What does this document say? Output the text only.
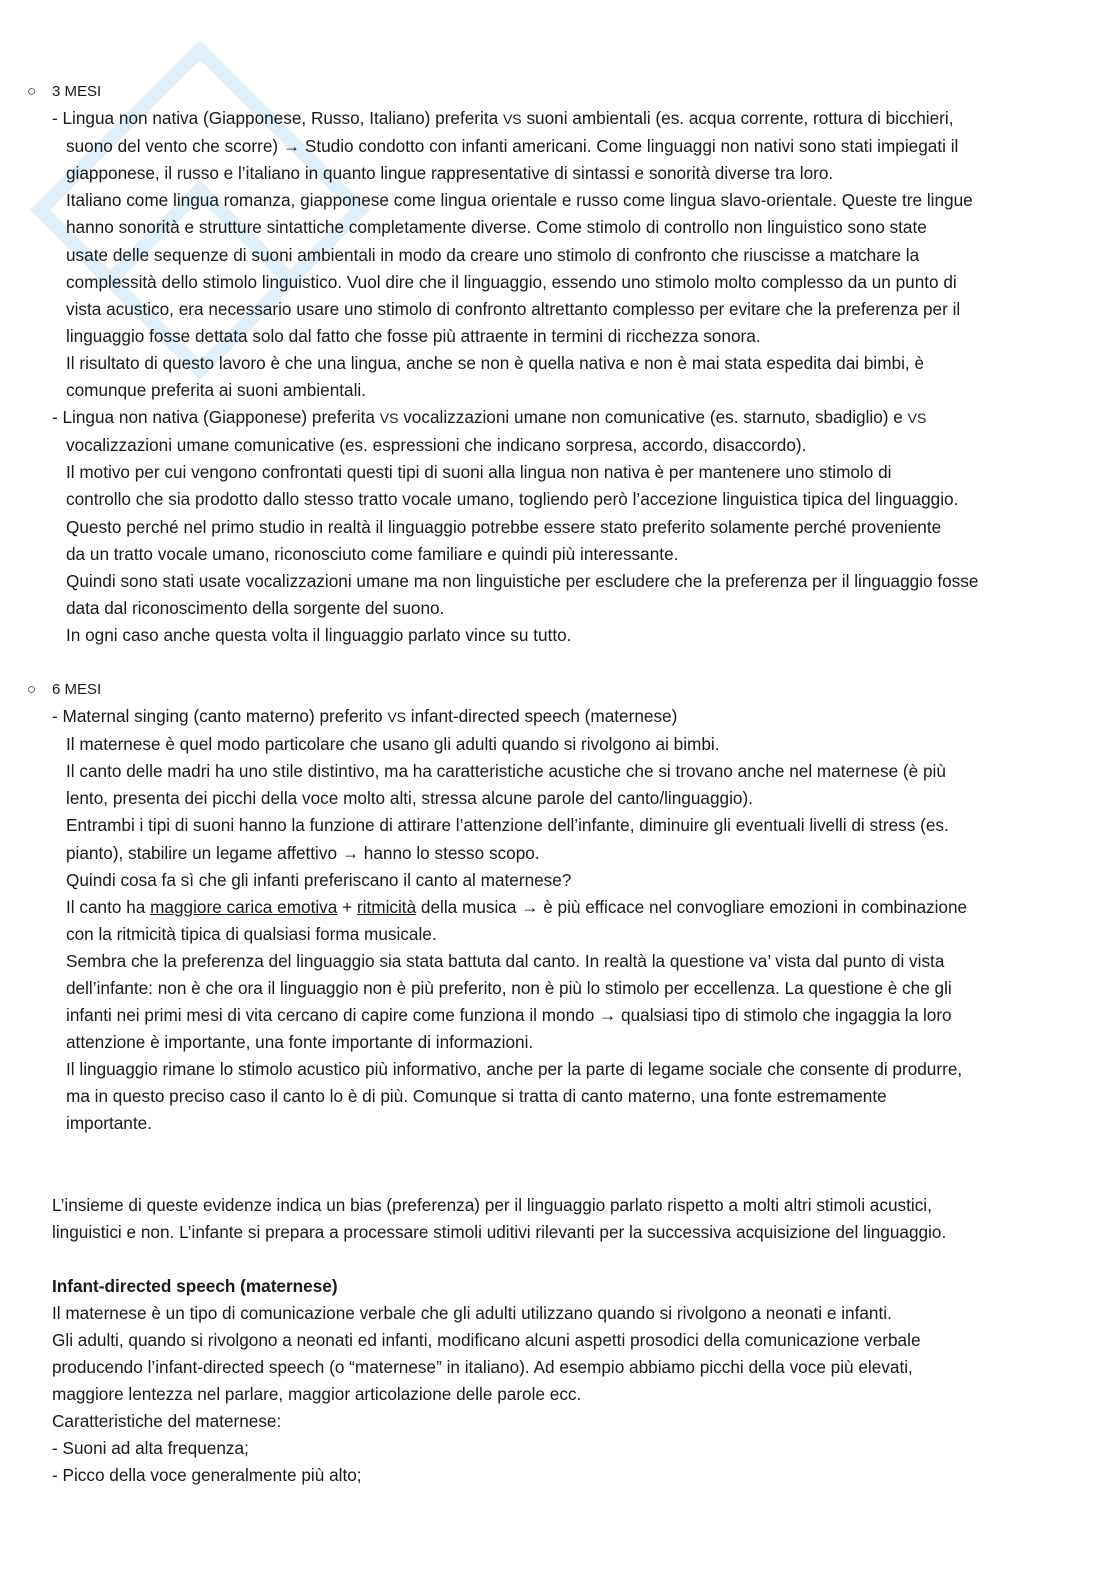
○ 3 MESI
- Lingua non nativa (Giapponese, Russo, Italiano) preferita VS suoni ambientali (es. acqua corrente, rottura di bicchieri,
suono del vento che scorre) → Studio condotto con infanti americani. Come linguaggi non nativi sono stati impiegati il
giapponese, il russo e l’italiano in quanto lingue rappresentative di sintassi e sonorità diverse tra loro.
Italiano come lingua romanza, giapponese come lingua orientale e russo come lingua slavo-orientale. Queste tre lingue
hanno sonorità e strutture sintattiche completamente diverse. Come stimolo di controllo non linguistico sono state
usate delle sequenze di suoni ambientali in modo da creare uno stimolo di confronto che riuscisse a matchare la
complessità dello stimolo linguistico. Vuol dire che il linguaggio, essendo uno stimolo molto complesso da un punto di
vista acustico, era necessario usare uno stimolo di confronto altrettanto complesso per evitare che la preferenza per il
linguaggio fosse dettata solo dal fatto che fosse più attraente in termini di ricchezza sonora.
Il risultato di questo lavoro è che una lingua, anche se non è quella nativa e non è mai stata espedita dai bimbi, è
comunque preferita ai suoni ambientali.
- Lingua non nativa (Giapponese) preferita VS vocalizzazioni umane non comunicative (es. starnuto, sbadiglio) e VS
vocalizzazioni umane comunicative (es. espressioni che indicano sorpresa, accordo, disaccordo).
Il motivo per cui vengono confrontati questi tipi di suoni alla lingua non nativa è per mantenere uno stimolo di
controllo che sia prodotto dallo stesso tratto vocale umano, togliendo però l’accezione linguistica tipica del linguaggio.
Questo perché nel primo studio in realtà il linguaggio potrebbe essere stato preferito solamente perché proveniente
da un tratto vocale umano, riconosciuto come familiare e quindi più interessante.
Quindi sono stati usate vocalizzazioni umane ma non linguistiche per escludere che la preferenza per il linguaggio fosse
data dal riconoscimento della sorgente del suono.
In ogni caso anche questa volta il linguaggio parlato vince su tutto.
○ 6 MESI
- Maternal singing (canto materno) preferito VS infant-directed speech (maternese)
Il maternese è quel modo particolare che usano gli adulti quando si rivolgono ai bimbi.
Il canto delle madri ha uno stile distintivo, ma ha caratteristiche acustiche che si trovano anche nel maternese (è più
lento, presenta dei picchi della voce molto alti, stressa alcune parole del canto/linguaggio).
Entrambi i tipi di suoni hanno la funzione di attirare l’attenzione dell’infante, diminuire gli eventuali livelli di stress (es.
pianto), stabilire un legame affettivo → hanno lo stesso scopo.
Quindi cosa fa sì che gli infanti preferiscano il canto al maternese?
Il canto ha maggiore carica emotiva + ritmicità della musica → è più efficace nel convogliare emozioni in combinazione
con la ritmicità tipica di qualsiasi forma musicale.
Sembra che la preferenza del linguaggio sia stata battuta dal canto. In realtà la questione va’ vista dal punto di vista
dell’infante: non è che ora il linguaggio non è più preferito, non è più lo stimolo per eccellenza. La questione è che gli
infanti nei primi mesi di vita cercano di capire come funziona il mondo → qualsiasi tipo di stimolo che ingaggia la loro
attenzione è importante, una fonte importante di informazioni.
Il linguaggio rimane lo stimolo acustico più informativo, anche per la parte di legame sociale che consente di produrre,
ma in questo preciso caso il canto lo è di più. Comunque si tratta di canto materno, una fonte estremamente
importante.
L’insieme di queste evidenze indica un bias (preferenza) per il linguaggio parlato rispetto a molti altri stimoli acustici,
linguistici e non. L’infante si prepara a processare stimoli uditivi rilevanti per la successiva acquisizione del linguaggio.
Infant-directed speech (maternese)
Il maternese è un tipo di comunicazione verbale che gli adulti utilizzano quando si rivolgono a neonati e infanti.
Gli adulti, quando si rivolgono a neonati ed infanti, modificano alcuni aspetti prosodici della comunicazione verbale
producendo l’infant-directed speech (o “maternese” in italiano). Ad esempio abbiamo picchi della voce più elevati,
maggiore lentezza nel parlare, maggior articolazione delle parole ecc.
Caratteristiche del maternese:
- Suoni ad alta frequenza;
- Picco della voce generalmente più alto;
